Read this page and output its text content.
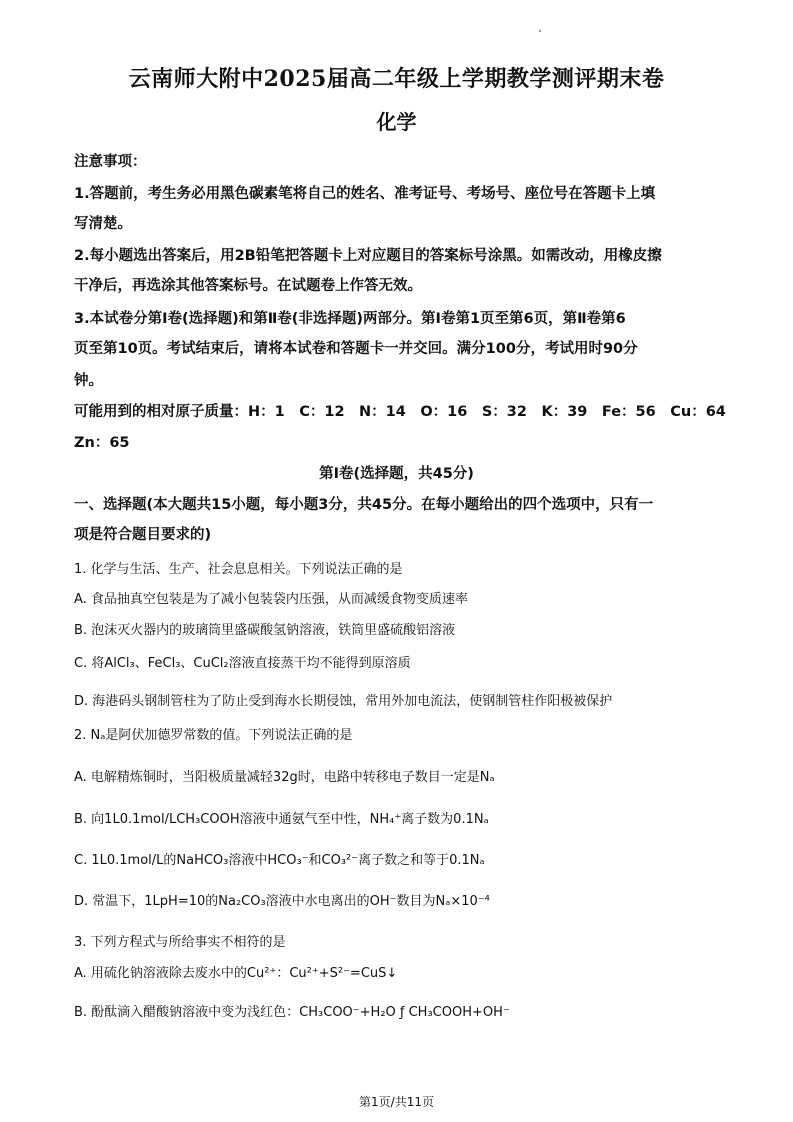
云南师大附中2025届高二年级上学期教学测评期末卷
化学
注意事项：
1.答题前，考生务必用黑色碳素笔将自己的姓名、准考证号、考场号、座位号在答题卡上填
写清楚。
2.每小题选出答案后，用2B铅笔把答题卡上对应题目的答案标号涂黑。如需改动，用橡皮擦
干净后，再选涂其他答案标号。在试题卷上作答无效。
3.本试卷分第Ⅰ卷(选择题)和第Ⅱ卷(非选择题)两部分。第Ⅰ卷第1页至第6页，第Ⅱ卷第6
页至第10页。考试结束后，请将本试卷和答题卡一并交回。满分100分，考试用时90分
钟。
可能用到的相对原子质量：H：1　C：12　N：14　O：16　S：32　K：39　Fe：56　Cu：64
Zn：65
第Ⅰ卷(选择题，共45分)
一、选择题(本大题共15小题，每小题3分，共45分。在每小题给出的四个选项中，只有一
项是符合题目要求的)
1. 化学与生活、生产、社会息息相关。下列说法正确的是
A. 食品抽真空包装是为了减小包装袋内压强，从而减缓食物变质速率
B. 泡沫灭火器内的玻璃筒里盛碳酸氢钠溶液，铁筒里盛硫酸铝溶液
C. 将AlCl₃、FeCl₃、CuCl₂溶液直接蒸干均不能得到原溶质
D. 海港码头钢制管柱为了防止受到海水长期侵蚀，常用外加电流法，使钢制管柱作阳极被保护
2. Nₐ是阿伏加德罗常数的值。下列说法正确的是
A. 电解精炼铜时，当阳极质量减轻32g时，电路中转移电子数目一定是Nₐ
B. 向1L0.1mol/LCH₃COOH溶液中通氨气至中性，NH₄⁺离子数为0.1Nₐ
C. 1L0.1mol/L的NaHCO₃溶液中HCO₃⁻和CO₃²⁻离子数之和等于0.1Nₐ
D. 常温下，1LpH=10的Na₂CO₃溶液中水电离出的OH⁻数目为Nₐ×10⁻⁴
3. 下列方程式与所给事实不相符的是
A. 用硫化钠溶液除去废水中的Cu²⁺：Cu²⁺+S²⁻=CuS↓
B. 酚酞滴入醋酸钠溶液中变为浅红色：CH₃COO⁻+H₂O ƒ CH₃COOH+OH⁻
第1页/共11页
